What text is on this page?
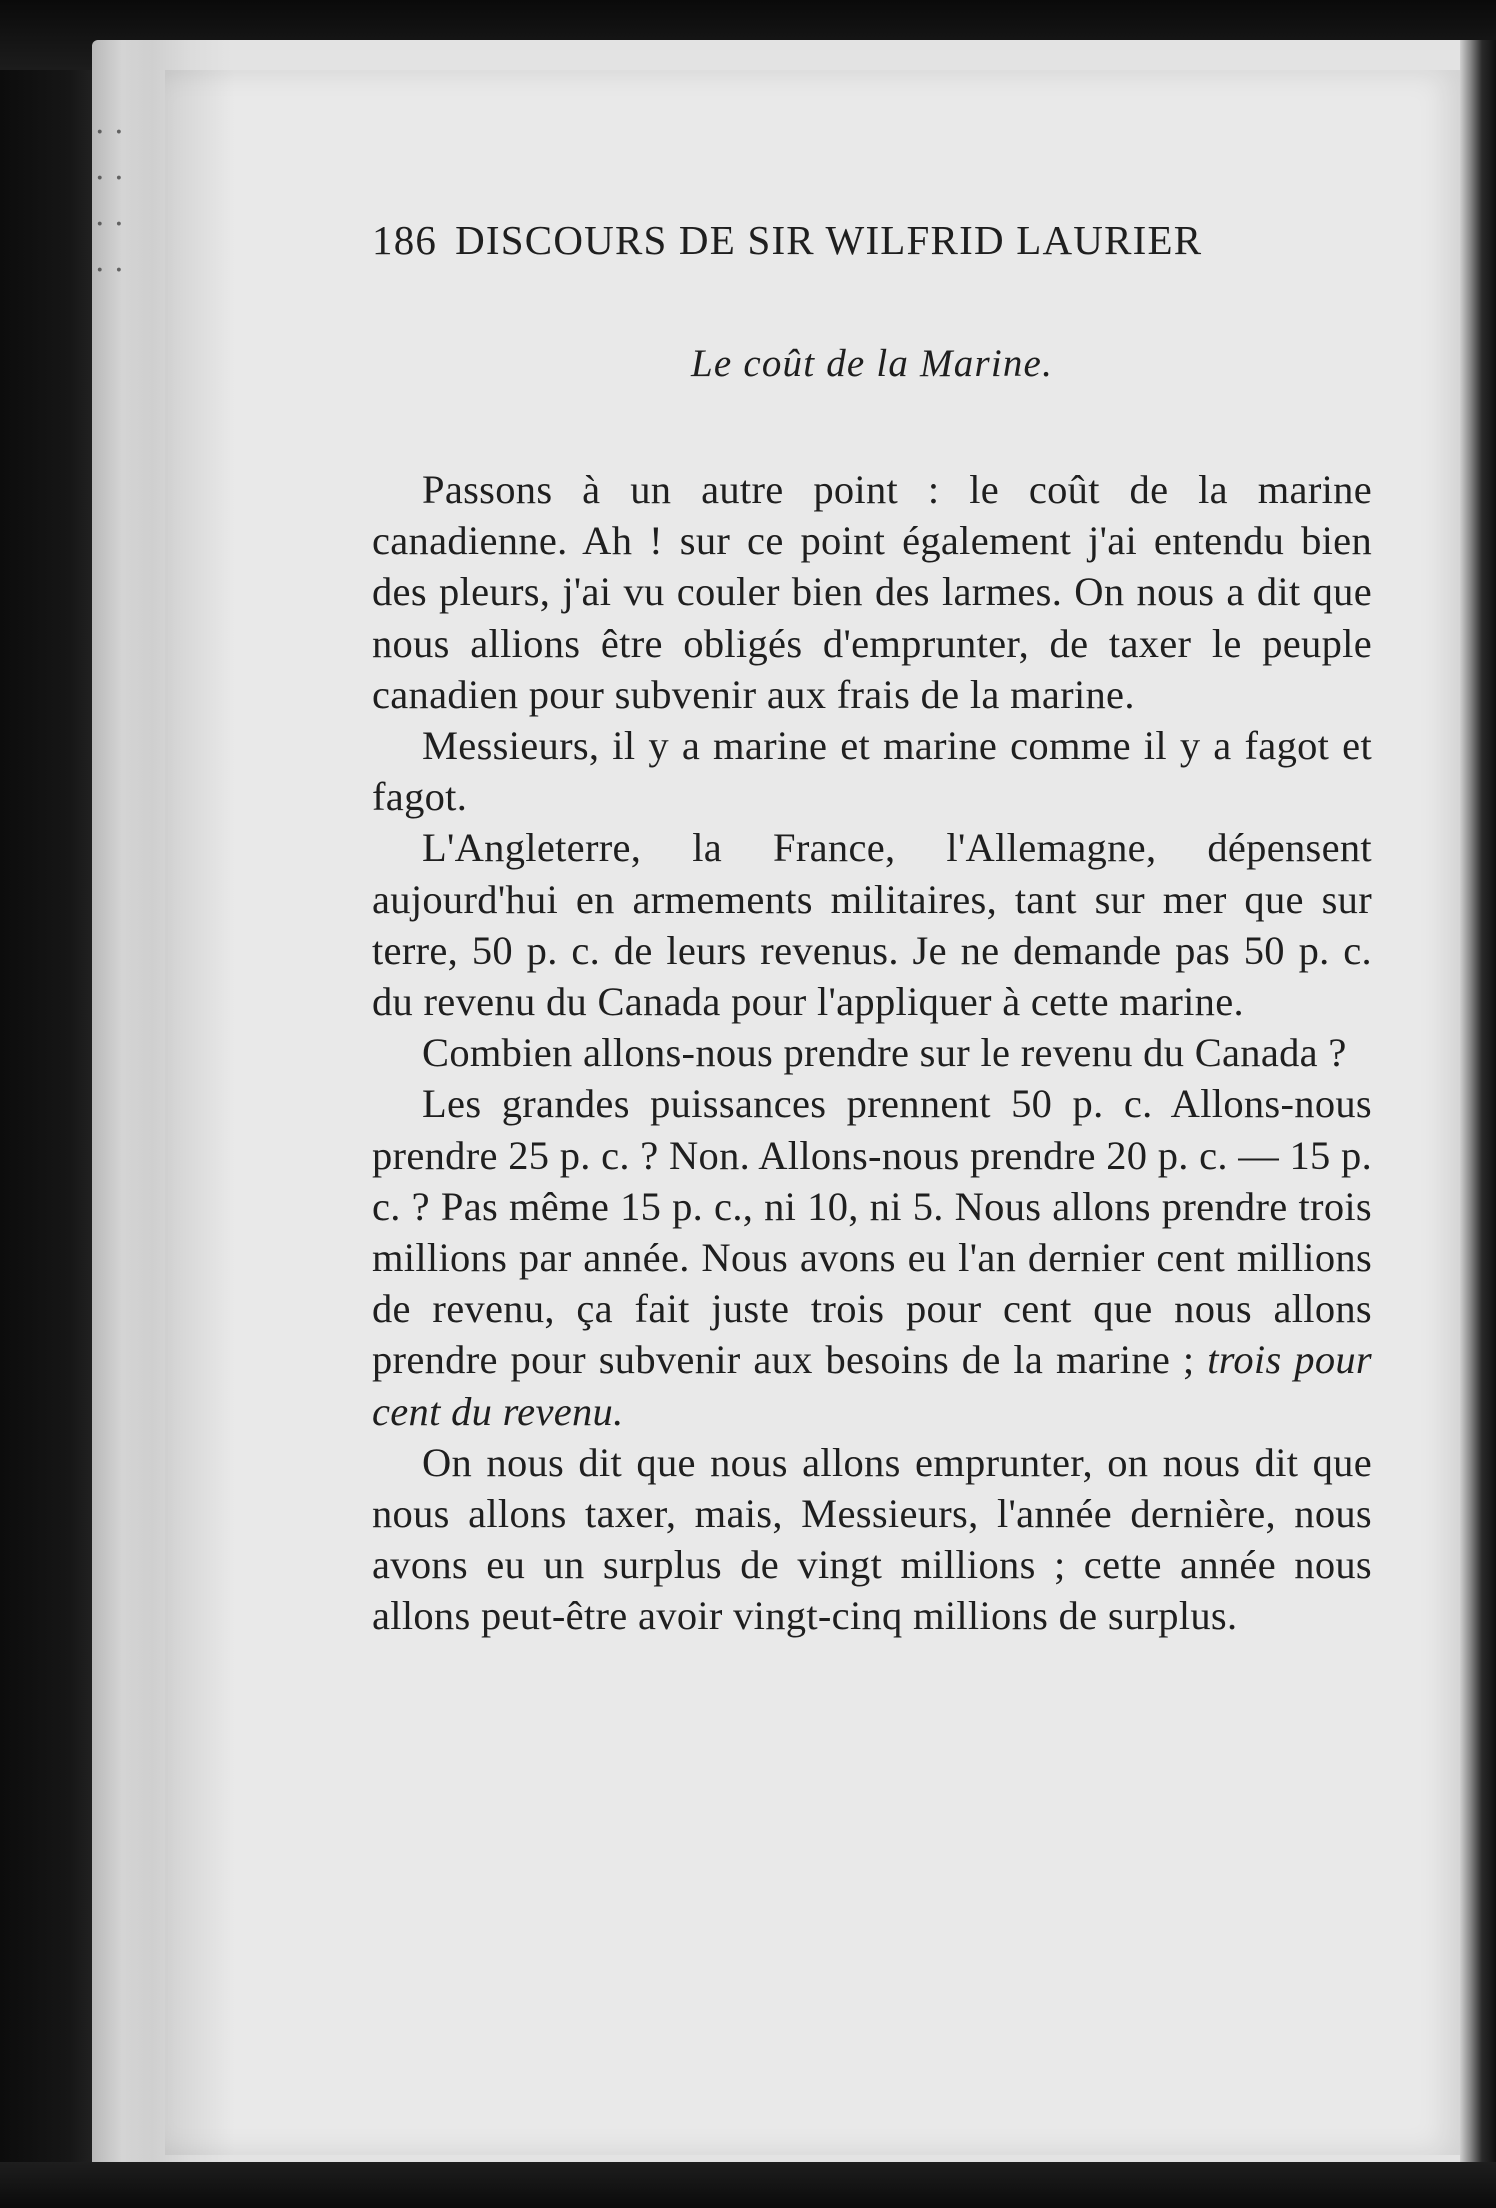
· ·
· ·
· ·
· ·

186 DISCOURS DE SIR WILFRID LAURIER

Le coût de la Marine.

Passons à un autre point : le coût de la marine canadienne. Ah ! sur ce point également j'ai entendu bien des pleurs, j'ai vu couler bien des larmes. On nous a dit que nous allions être obligés d'emprunter, de taxer le peuple canadien pour subvenir aux frais de la marine.

Messieurs, il y a marine et marine comme il y a fagot et fagot.

L'Angleterre, la France, l'Allemagne, dépensent aujourd'hui en armements militaires, tant sur mer que sur terre, 50 p. c. de leurs revenus. Je ne demande pas 50 p. c. du revenu du Canada pour l'appliquer à cette marine.

Combien allons-nous prendre sur le revenu du Canada ?

Les grandes puissances prennent 50 p. c. Allons-nous prendre 25 p. c. ? Non. Allons-nous prendre 20 p. c. — 15 p. c. ? Pas même 15 p. c., ni 10, ni 5. Nous allons prendre trois millions par année. Nous avons eu l'an dernier cent millions de revenu, ça fait juste trois pour cent que nous allons prendre pour subvenir aux besoins de la marine ; trois pour cent du revenu.

On nous dit que nous allons emprunter, on nous dit que nous allons taxer, mais, Messieurs, l'année dernière, nous avons eu un surplus de vingt millions ; cette année nous allons peut-être avoir vingt-cinq millions de surplus.
